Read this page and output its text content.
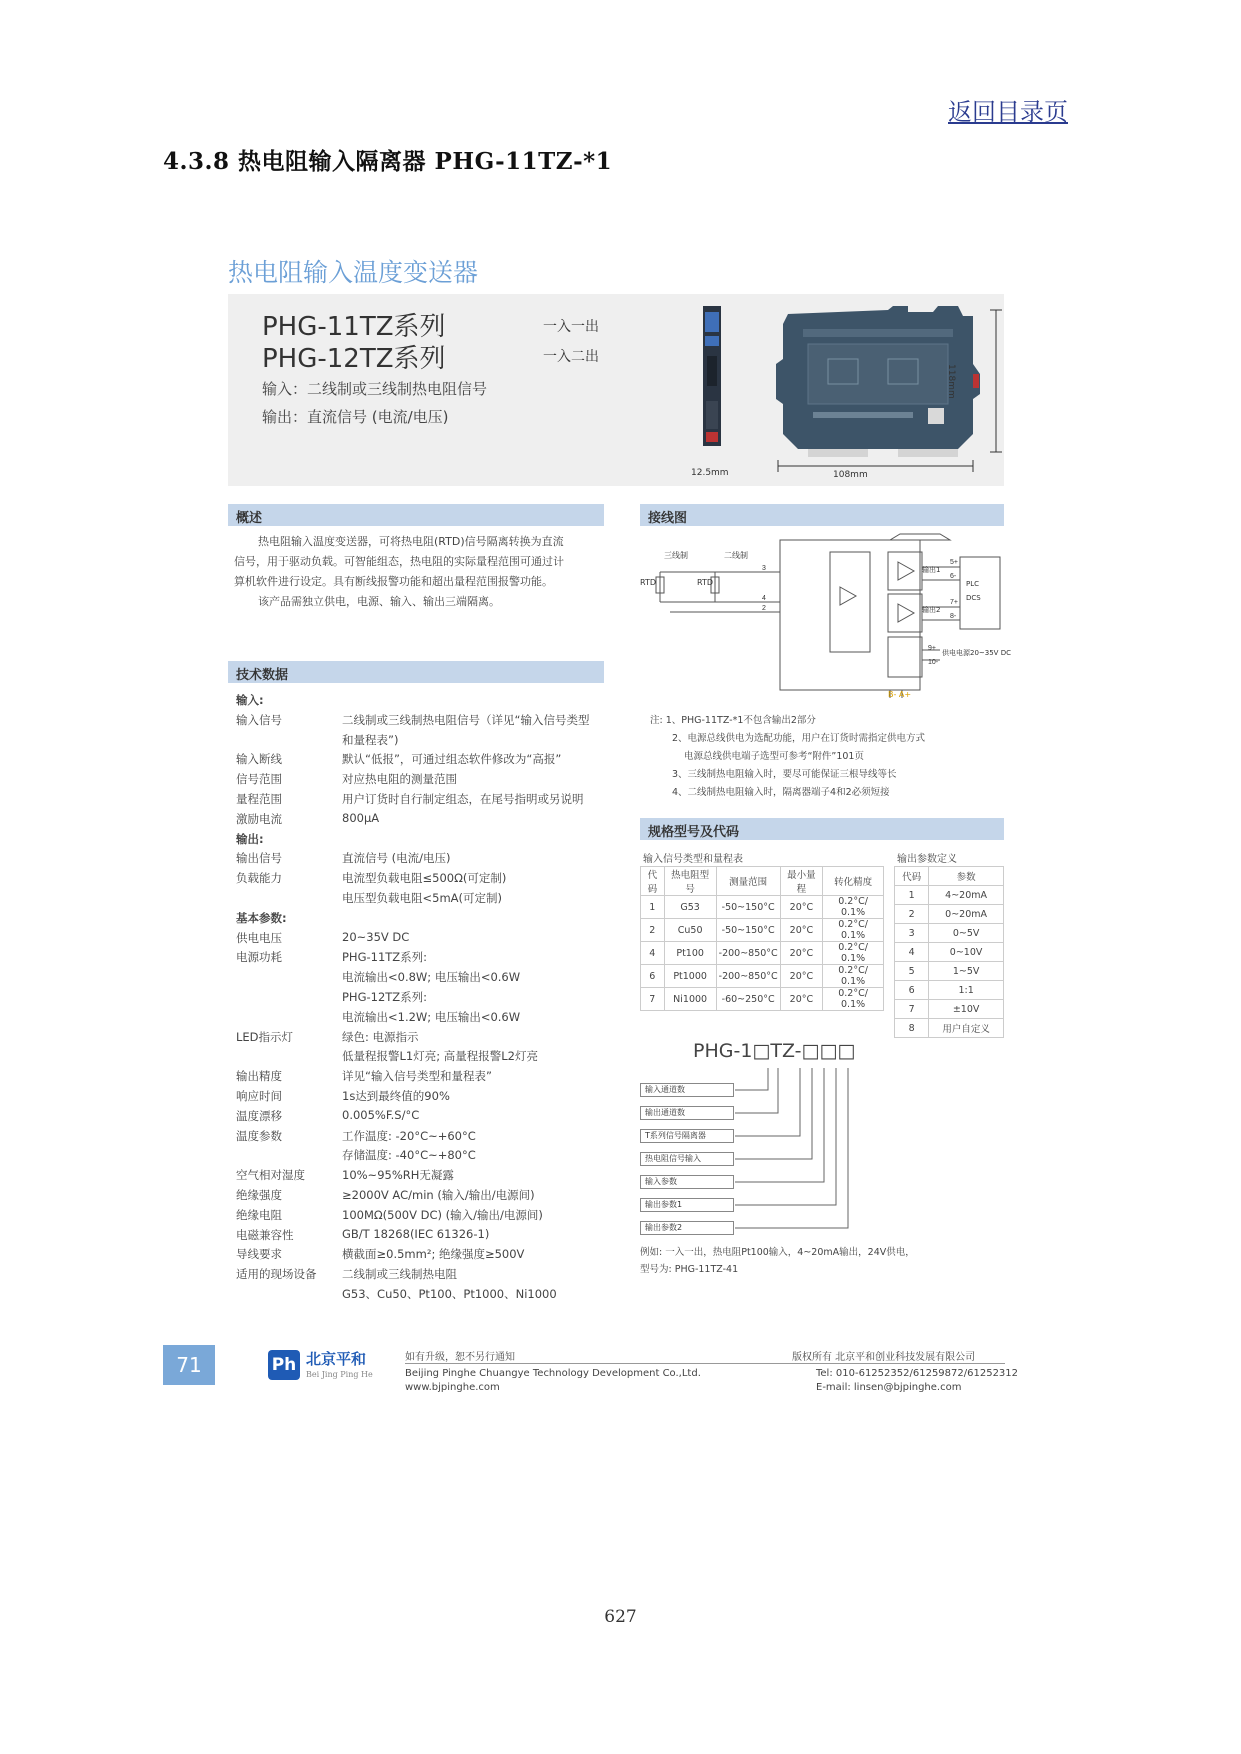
返回目录页
4.3.8 热电阻输入隔离器 PHG-11TZ-*1
热电阻输入温度变送器
PHG-11TZ系列
PHG-12TZ系列
一入一出
一入二出
输入：二线制或三线制热电阻信号
输出：直流信号 (电流/电压)
12.5mm	108mm
118mm
概述
热电阻输入温度变送器，可将热电阻(RTD)信号隔离转换为直流
信号，用于驱动负载。可智能组态，热电阻的实际量程范围可通过计
算机软件进行设定。具有断线报警功能和超出量程范围报警功能。
该产品需独立供电，电源、输入、输出三端隔离。
技术数据
输入:
输入信号	二线制或三线制热电阻信号（详见“输入信号类型
和量程表”)
输入断线	默认“低报”，可通过组态软件修改为“高报”
信号范围	对应热电阻的测量范围
量程范围	用户订货时自行制定组态，在尾号指明或另说明
激励电流	800μA
输出:
输出信号	直流信号 (电流/电压)
负载能力	电流型负载电阻≤500Ω(可定制)
电压型负载电阻<5mA(可定制)
基本参数:
供电电压	20~35V DC
电源功耗	PHG-11TZ系列:
电流输出<0.8W; 电压输出<0.6W
PHG-12TZ系列:
电流输出<1.2W; 电压输出<0.6W
LED指示灯	绿色: 电源指示
低量程报警L1灯亮; 高量程报警L2灯亮
输出精度	详见“输入信号类型和量程表”
响应时间	1s达到最终值的90%
温度漂移	0.005%F.S/°C
温度参数	工作温度: -20°C~+60°C
存储温度: -40°C~+80°C
空气相对湿度	10%~95%RH无凝露
绝缘强度	≥2000V AC/min (输入/输出/电源间)
绝缘电阻	100MΩ(500V DC) (输入/输出/电源间)
电磁兼容性	GB/T 18268(IEC 61326-1)
导线要求	横截面≥0.5mm²; 绝缘强度≥500V
适用的现场设备 二线制或三线制热电阻
G53、Cu50、Pt100、Pt1000、Ni1000
接线图
5+
6-
7+
8-
9+
10-
3
4
2
三线制	二线制
RTD	RTD
输出1
输出2
PLC
DCS
供电电源20~35V DC
B- A+
注: 1、PHG-11TZ-*1不包含输出2部分
2、电源总线供电为选配功能，用户在订货时需指定供电方式
电源总线供电端子选型可参考“附件”101页
3、三线制热电阻输入时，要尽可能保证三根导线等长
4、二线制热电阻输入时，隔离器端子4和2必须短接
规格型号及代码
输入信号类型和量程表
代码	热电阻型号	测量范围	最小量程	转化精度
1	G53	-50~150°C	20°C	0.2°C/ 0.1%
2	Cu50	-50~150°C	20°C	0.2°C/ 0.1%
4	Pt100	-200~850°C	20°C	0.2°C/ 0.1%
6	Pt1000	-200~850°C	20°C	0.2°C/ 0.1%
7	Ni1000	-60~250°C	20°C	0.2°C/ 0.1%
输出参数定义
代码	参数
1	4~20mA
2	0~20mA
3	0~5V
4	0~10V
5	1~5V
6	1:1
7	±10V
8	用户自定义
PHG-1□TZ-□□□
输入通道数
输出通道数
T系列信号隔离器
热电阻信号输入
输入参数
输出参数1
输出参数2
例如: 一入一出，热电阻Pt100输入，4~20mA输出，24V供电，
型号为: PHG-11TZ-41
71	Ph 北京平和
Bei Jing Ping He
如有升级，恕不另行通知
Beijing Pinghe Chuangye Technology Development Co.,Ltd.
www.bjpinghe.com
版权所有 北京平和创业科技发展有限公司
Tel: 010-61252352/61259872/61252312
E-mail: linsen@bjpinghe.com
627
